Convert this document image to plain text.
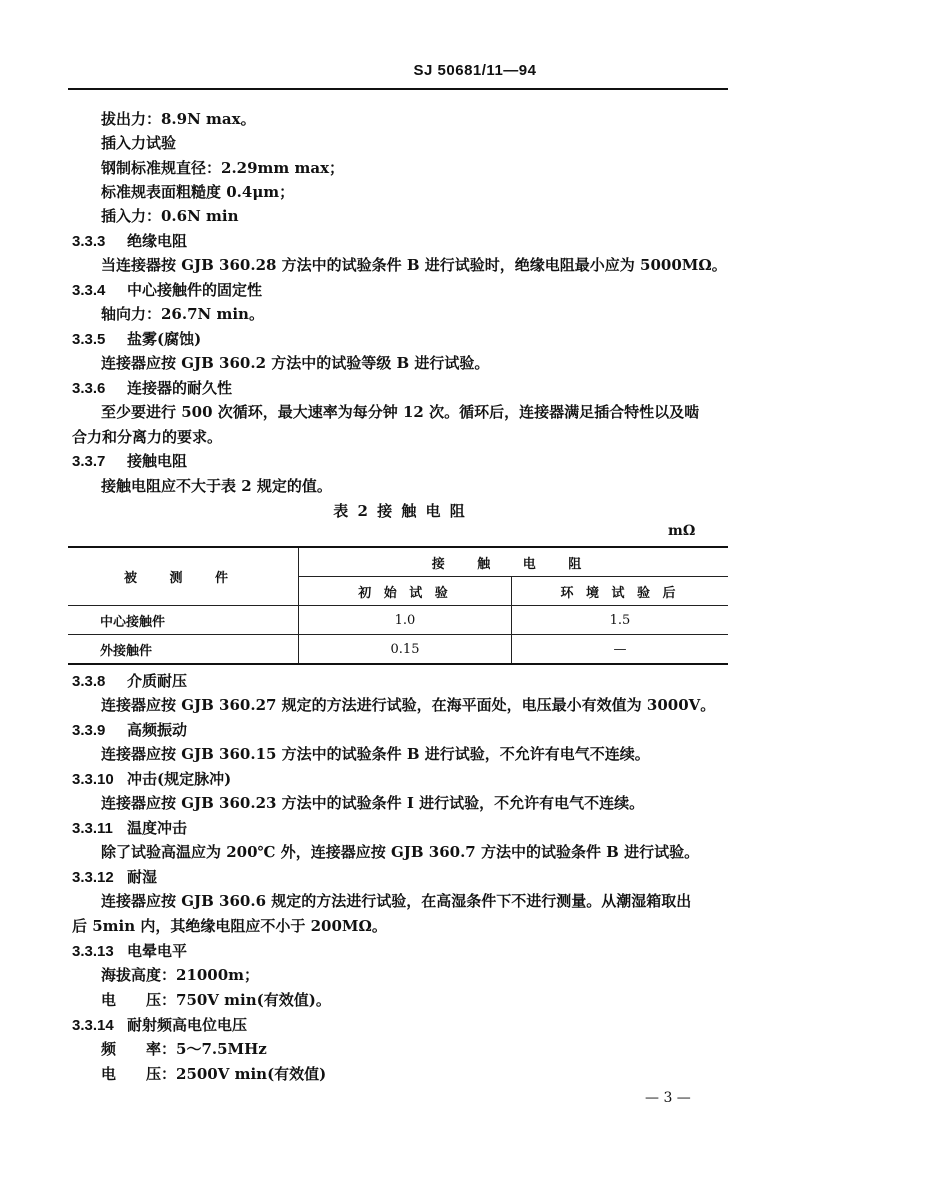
SJ 50681/11—94
拔出力：8.9N max。
插入力试验
钢制标准规直径：2.29mm max；
标准规表面粗糙度 0.4μm；
插入力：0.6N min
3.3.3 绝缘电阻
当连接器按 GJB 360.28 方法中的试验条件 B 进行试验时，绝缘电阻最小应为 5000MΩ。
3.3.4 中心接触件的固定性
轴向力：26.7N min。
3.3.5 盐雾(腐蚀)
连接器应按 GJB 360.2 方法中的试验等级 B 进行试验。
3.3.6 连接器的耐久性
至少要进行 500 次循环，最大速率为每分钟 12 次。循环后，连接器满足插合特性以及啮
合力和分离力的要求。
3.3.7 接触电阻
接触电阻应不大于表 2 规定的值。
表 2 接 触 电 阻
mΩ
被 测 件	接 触 电 阻	
	初 始 试 验	环 境 试 验 后
中心接触件	1.0	1.5
外接触件	0.15	—
3.3.8 介质耐压
连接器应按 GJB 360.27 规定的方法进行试验，在海平面处，电压最小有效值为 3000V。
3.3.9 高频振动
连接器应按 GJB 360.15 方法中的试验条件 B 进行试验，不允许有电气不连续。
3.3.10 冲击(规定脉冲)
连接器应按 GJB 360.23 方法中的试验条件 I 进行试验，不允许有电气不连续。
3.3.11 温度冲击
除了试验高温应为 200℃ 外，连接器应按 GJB 360.7 方法中的试验条件 B 进行试验。
3.3.12 耐湿
连接器应按 GJB 360.6 规定的方法进行试验，在高湿条件下不进行测量。从潮湿箱取出
后 5min 内，其绝缘电阻应不小于 200MΩ。
3.3.13 电晕电平
海拔高度：21000m；
电　　压：750V min(有效值)。
3.3.14 耐射频高电位电压
频　　率：5～7.5MHz
电　　压：2500V min(有效值)
— 3 —
